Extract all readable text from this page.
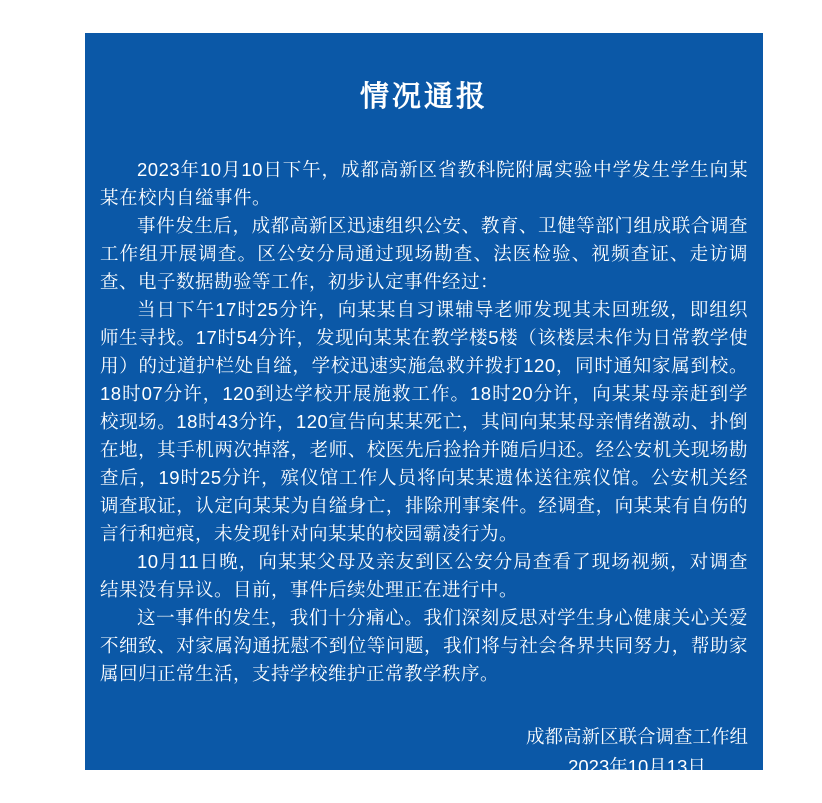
情况通报

2023年10月10日下午，成都高新区省教科院附属实验中学发生学生向某某在校内自缢事件。

事件发生后，成都高新区迅速组织公安、教育、卫健等部门组成联合调查工作组开展调查。区公安分局通过现场勘查、法医检验、视频查证、走访调查、电子数据勘验等工作，初步认定事件经过：

当日下午17时25分许，向某某自习课辅导老师发现其未回班级，即组织师生寻找。17时54分许，发现向某某在教学楼5楼（该楼层未作为日常教学使用）的过道护栏处自缢，学校迅速实施急救并拨打120，同时通知家属到校。18时07分许，120到达学校开展施救工作。18时20分许，向某某母亲赶到学校现场。18时43分许，120宣告向某某死亡，其间向某某母亲情绪激动、扑倒在地，其手机两次掉落，老师、校医先后捡拾并随后归还。经公安机关现场勘查后，19时25分许，殡仪馆工作人员将向某某遗体送往殡仪馆。公安机关经调查取证，认定向某某为自缢身亡，排除刑事案件。经调查，向某某有自伤的言行和疤痕，未发现针对向某某的校园霸凌行为。

10月11日晚，向某某父母及亲友到区公安分局查看了现场视频，对调查结果没有异议。目前，事件后续处理正在进行中。

这一事件的发生，我们十分痛心。我们深刻反思对学生身心健康关心关爱不细致、对家属沟通抚慰不到位等问题，我们将与社会各界共同努力，帮助家属回归正常生活，支持学校维护正常教学秩序。

成都高新区联合调查工作组
2023年10月13日
